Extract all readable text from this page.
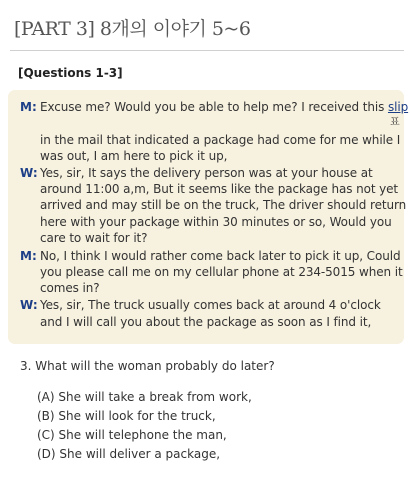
[PART 3] 8개의 이야기 5~6
[Questions 1-3]
M: Excuse me? Would you be able to help me? I received this slip
표
in the mail that indicated a package had come for me while I
was out, I am here to pick it up,
W: Yes, sir, It says the delivery person was at your house at
around 11:00 a,m, But it seems like the package has not yet
arrived and may still be on the truck, The driver should return
here with your package within 30 minutes or so, Would you
care to wait for it?
M: No, I think I would rather come back later to pick it up, Could
you please call me on my cellular phone at 234-5015 when it
comes in?
W: Yes, sir, The truck usually comes back at around 4 o'clock
and I will call you about the package as soon as I find it,
3. What will the woman probably do later?
(A) She will take a break from work,
(B) She will look for the truck,
(C) She will telephone the man,
(D) She will deliver a package,
